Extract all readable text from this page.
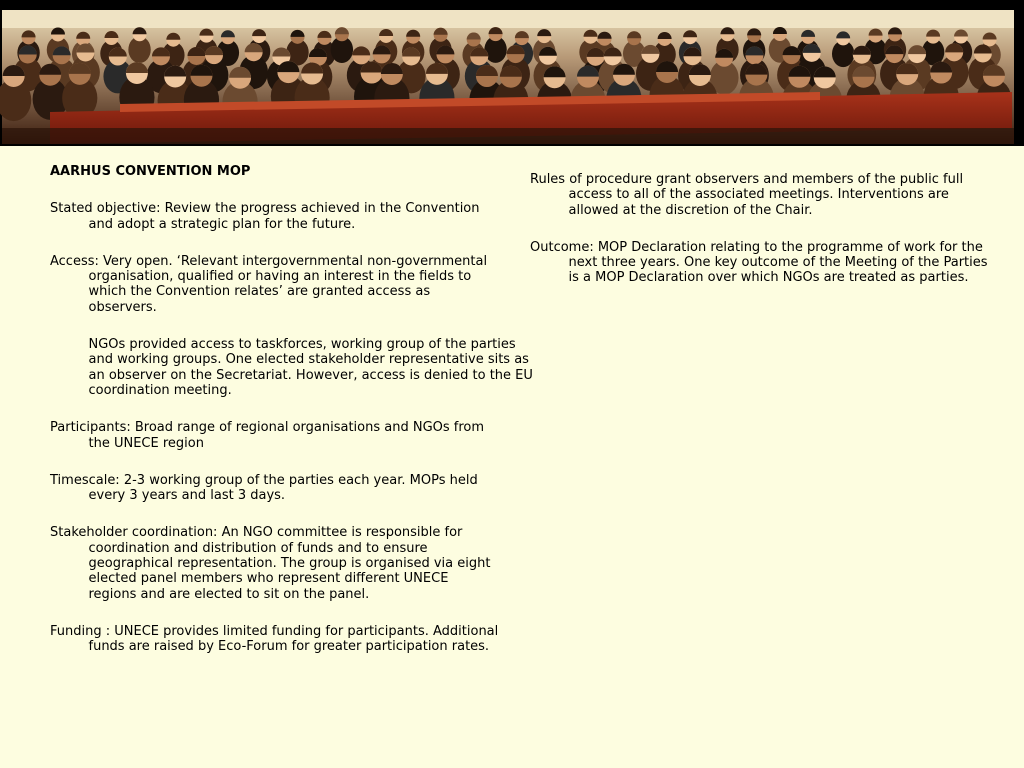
AARHUS CONVENTION MOP

Stated objective: Review the progress achieved in the Convention and adopt a strategic plan for the future.

Access: Very open. ‘Relevant intergovernmental non-governmental organisation, qualified or having an interest in the fields to which the Convention relates’ are granted access as observers.

NGOs provided access to taskforces, working group of the parties and working groups. One elected stakeholder representative sits as an observer on the Secretariat. However, access is denied to the EU coordination meeting.

Participants: Broad range of regional organisations and NGOs from the UNECE region

Timescale: 2-3 working group of the parties each year. MOPs held every 3 years and last 3 days.

Stakeholder coordination: An NGO committee is responsible for coordination and distribution of funds and to ensure geographical representation. The group is organised via eight elected panel members who represent different UNECE regions and are elected to sit on the panel.

Funding : UNECE provides limited funding for participants. Additional funds are raised by Eco-Forum for greater participation rates.

Rules of procedure grant observers and members of the public full access to all of the associated meetings. Interventions are allowed at the discretion of the Chair.

Outcome: MOP Declaration relating to the programme of work for the next three years. One key outcome of the Meeting of the Parties is a MOP Declaration over which NGOs are treated as parties.
